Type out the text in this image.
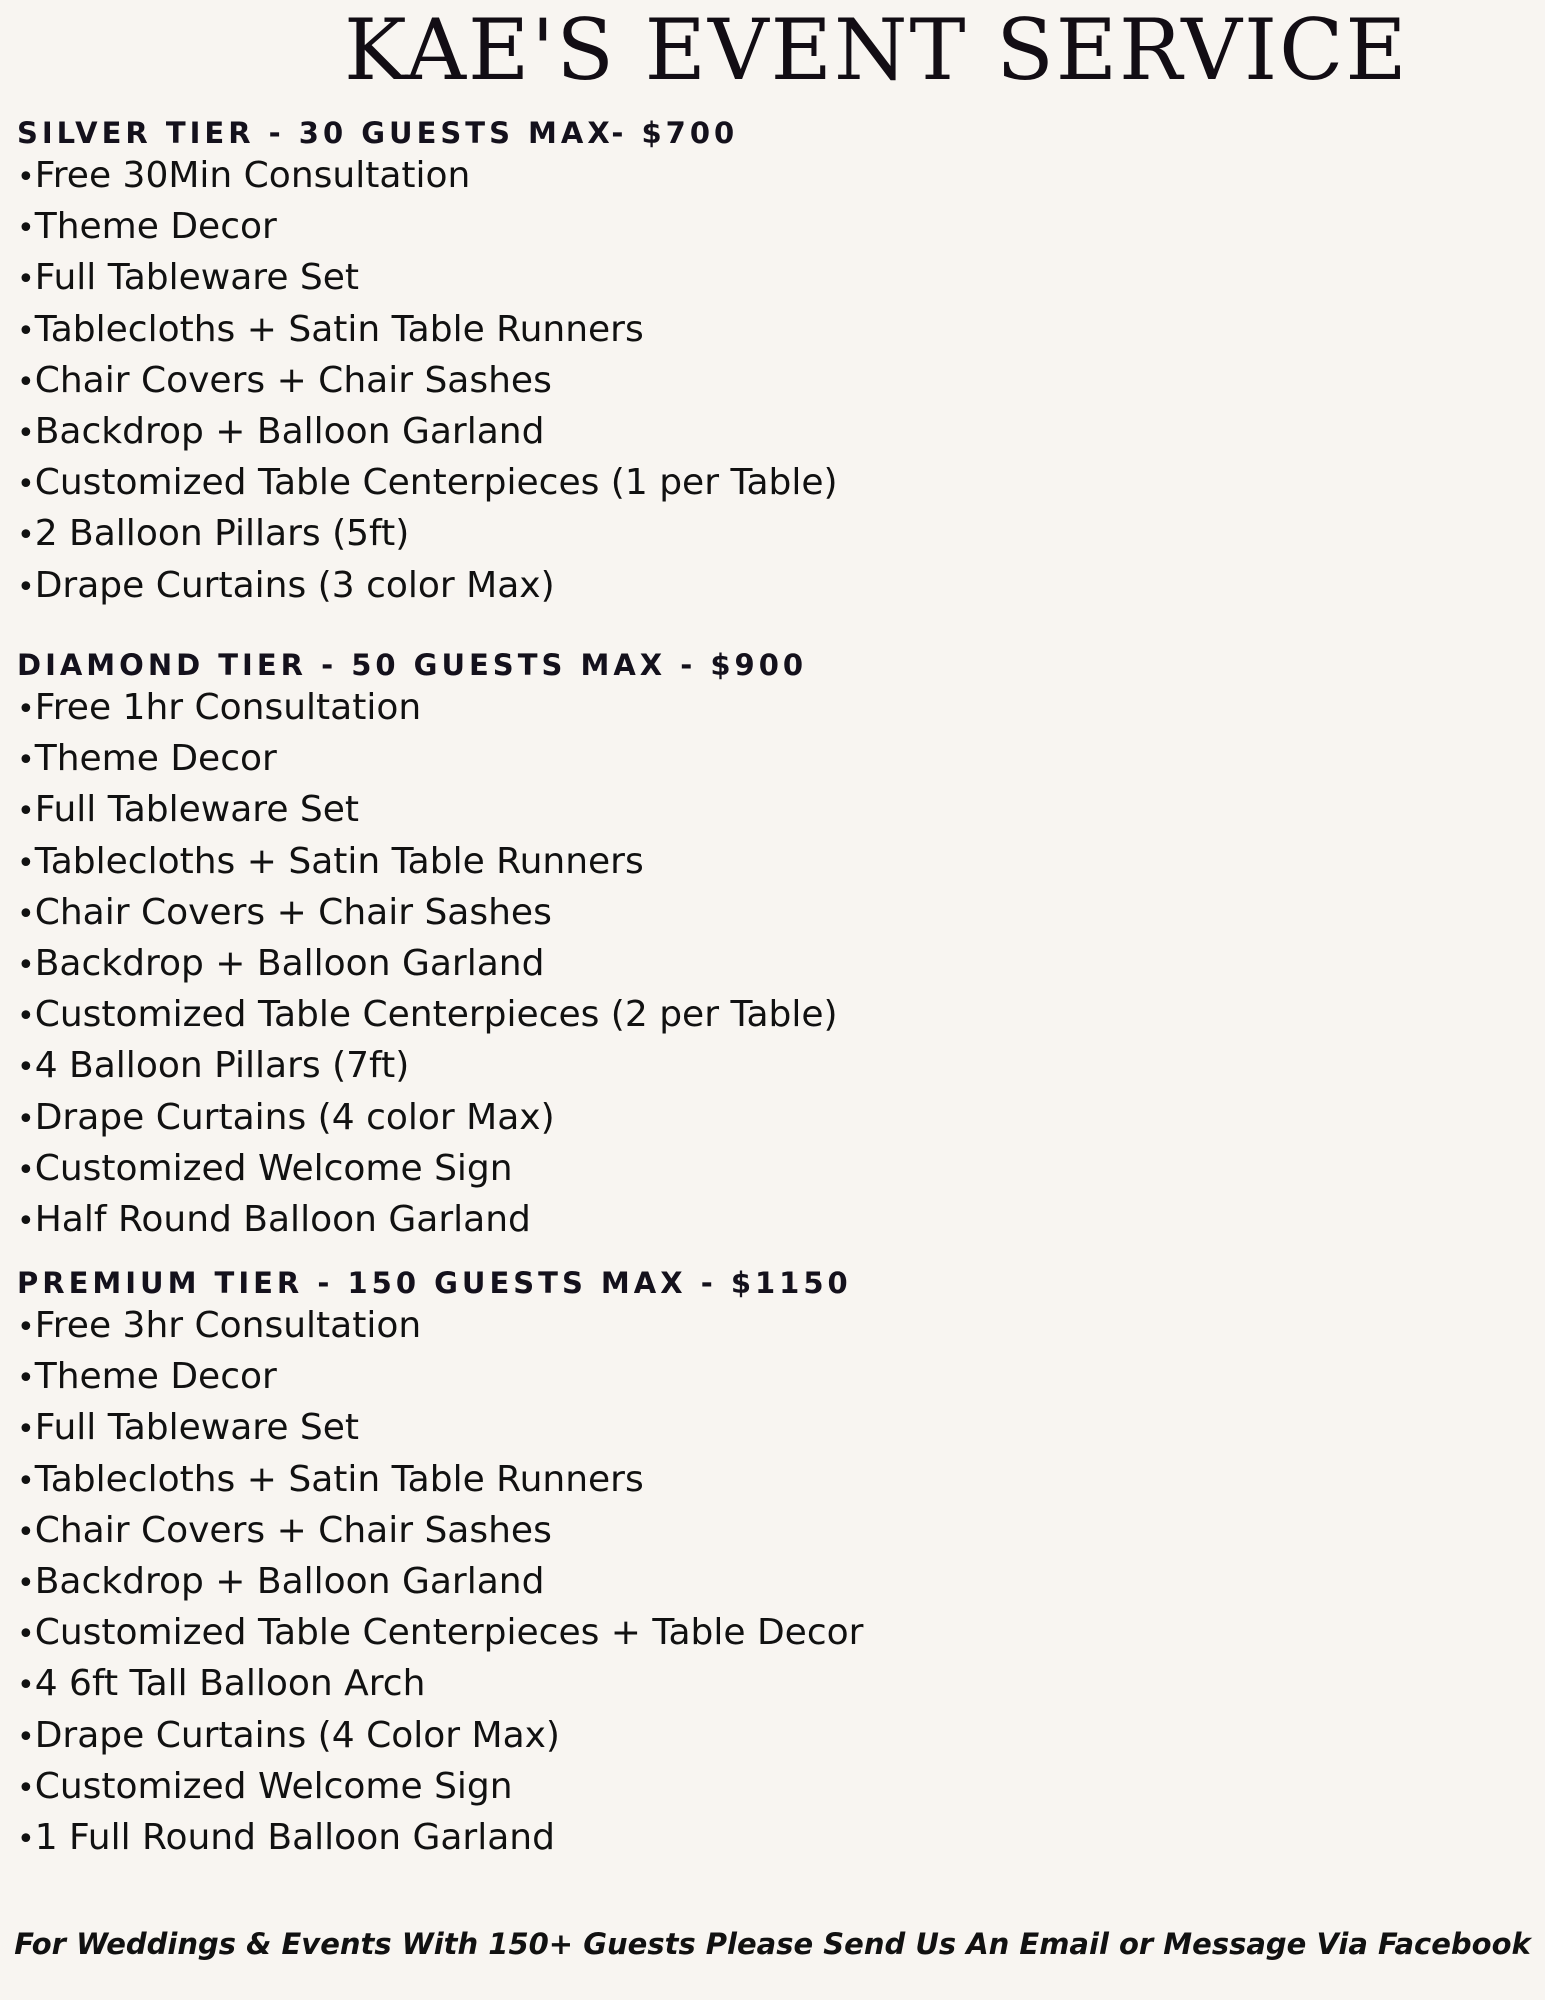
KAE'S EVENT SERVICE
SILVER TIER - 30 GUESTS MAX- $700
•Free 30Min Consultation
•Theme Decor
•Full Tableware Set
•Tablecloths + Satin Table Runners
•Chair Covers + Chair Sashes
•Backdrop + Balloon Garland
•Customized Table Centerpieces (1 per Table)
•2 Balloon Pillars (5ft)
•Drape Curtains (3 color Max)
DIAMOND TIER - 50 GUESTS MAX - $900
•Free 1hr Consultation
•Theme Decor
•Full Tableware Set
•Tablecloths + Satin Table Runners
•Chair Covers + Chair Sashes
•Backdrop + Balloon Garland
•Customized Table Centerpieces (2 per Table)
•4 Balloon Pillars (7ft)
•Drape Curtains (4 color Max)
•Customized Welcome Sign
•Half Round Balloon Garland
PREMIUM TIER - 150 GUESTS MAX - $1150
•Free 3hr Consultation
•Theme Decor
•Full Tableware Set
•Tablecloths + Satin Table Runners
•Chair Covers + Chair Sashes
•Backdrop + Balloon Garland
•Customized Table Centerpieces + Table Decor
•4 6ft Tall Balloon Arch
•Drape Curtains (4 Color Max)
•Customized Welcome Sign
•1 Full Round Balloon Garland
For Weddings & Events With 150+ Guests Please Send Us An Email or Message Via Facebook
